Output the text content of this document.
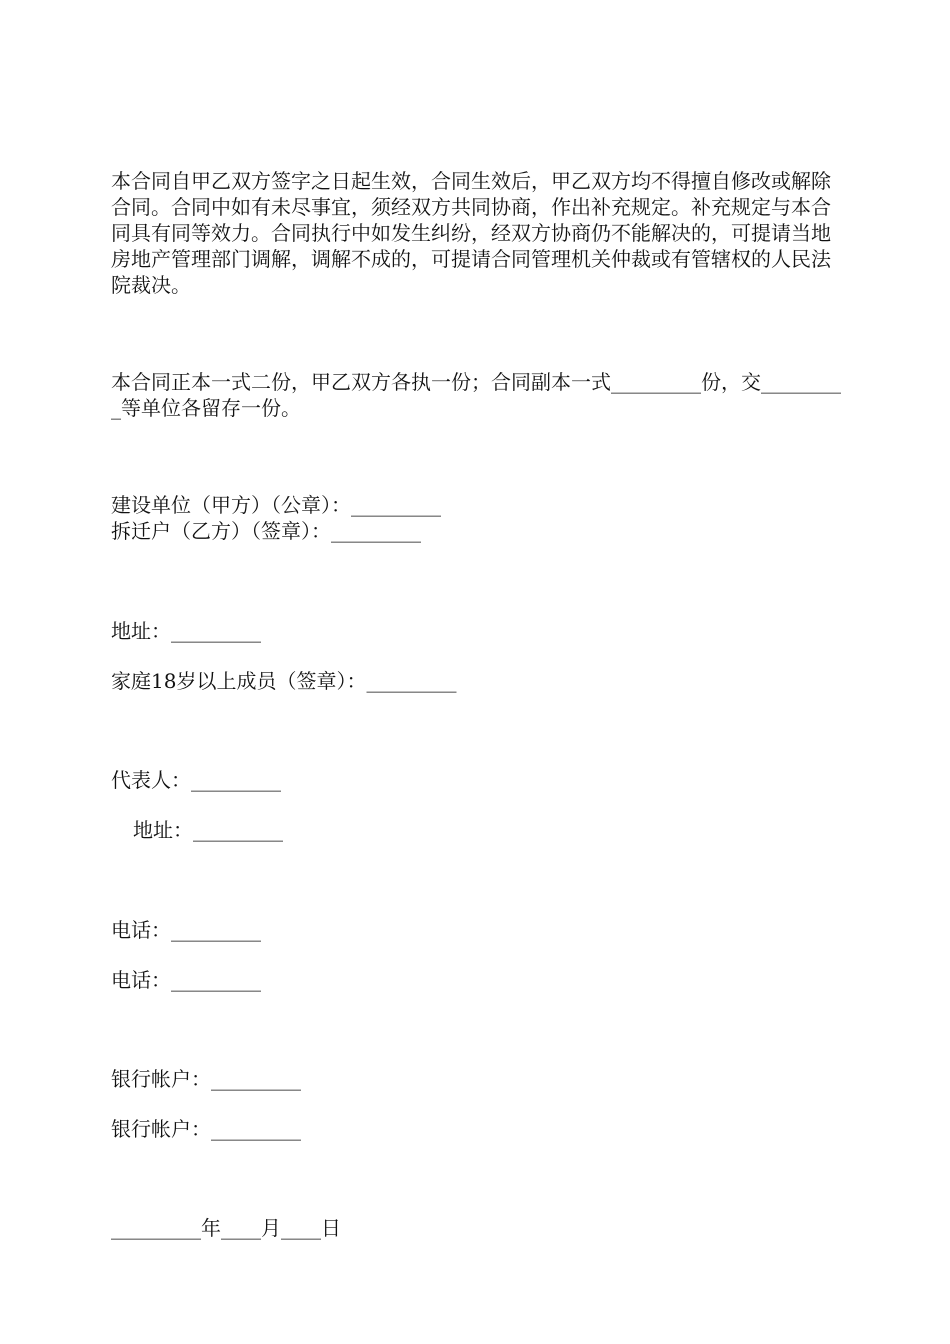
本合同自甲乙双方签字之日起生效，合同生效后，甲乙双方均不得擅自修改或解除合同。合同中如有未尽事宜，须经双方共同协商，作出补充规定。补充规定与本合同具有同等效力。合同执行中如发生纠纷，经双方协商仍不能解决的，可提请当地房地产管理部门调解，调解不成的，可提请合同管理机关仲裁或有管辖权的人民法院裁决。

本合同正本一式二份，甲乙双方各执一份；合同副本一式_________份，交_________等单位各留存一份。

建设单位（甲方）（公章）：_________

拆迁户（乙方）（签章）：_________

地址：_________

家庭18岁以上成员（签章）：_________

代表人：_________

地址：_________

电话：_________

电话：_________

银行帐户：_________

银行帐户：_________

_________年____月____日
